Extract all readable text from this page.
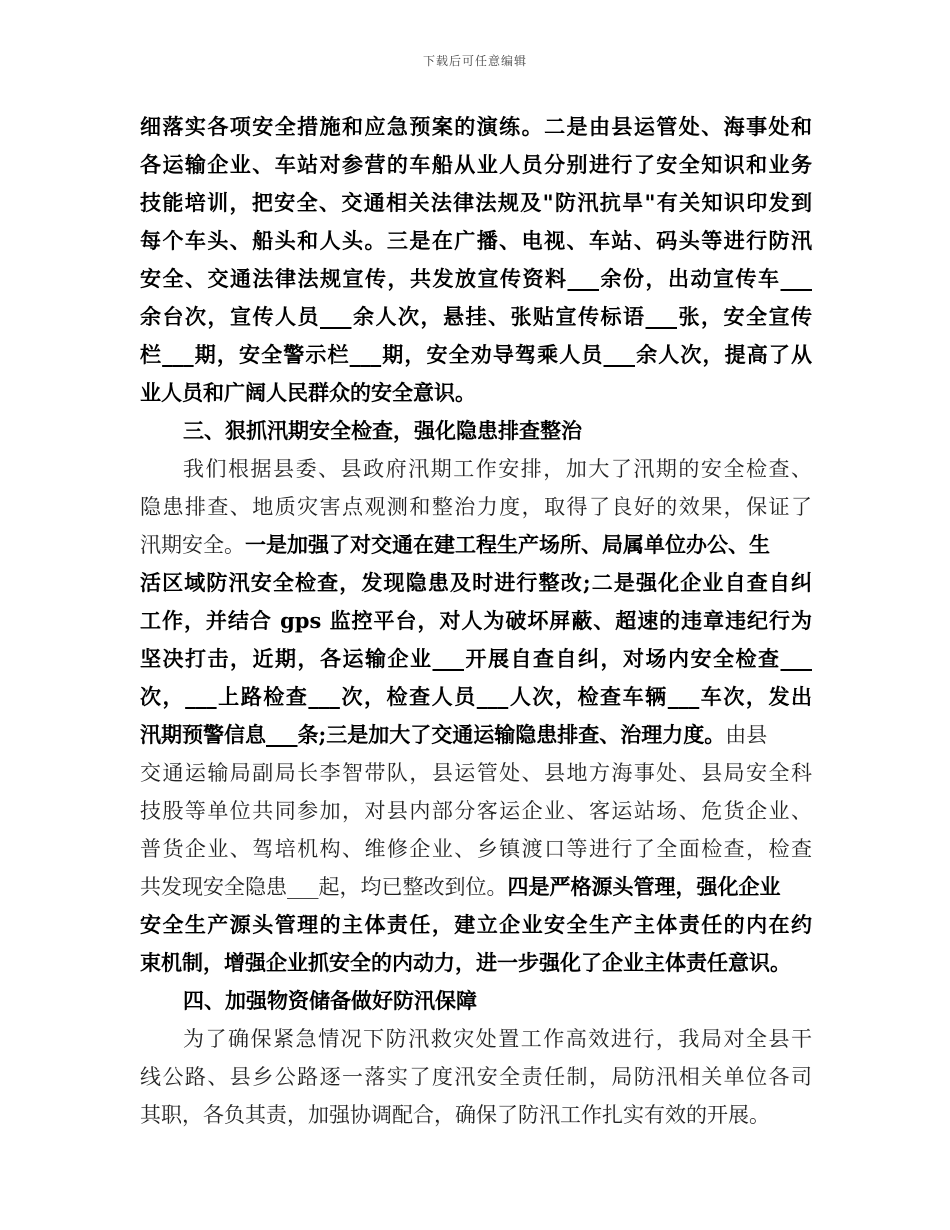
下载后可任意编辑
细落实各项安全措施和应急预案的演练。二是由县运管处、海事处和
各运输企业、车站对参营的车船从业人员分别进行了安全知识和业务
技能培训，把安全、交通相关法律法规及"防汛抗旱"有关知识印发到
每个车头、船头和人头。三是在广播、电视、车站、码头等进行防汛
安全、交通法律法规宣传，共发放宣传资料___余份，出动宣传车___
余台次，宣传人员___余人次，悬挂、张贴宣传标语___张，安全宣传
栏___期，安全警示栏___期，安全劝导驾乘人员___余人次，提高了从
业人员和广阔人民群众的安全意识。
三、狠抓汛期安全检查，强化隐患排查整治
我们根据县委、县政府汛期工作安排，加大了汛期的安全检查、
隐患排查、地质灾害点观测和整治力度，取得了良好的效果，保证了
汛期安全。一是加强了对交通在建工程生产场所、局属单位办公、生
活区域防汛安全检查，发现隐患及时进行整改;二是强化企业自查自纠
工作，并结合 gps 监控平台，对人为破坏屏蔽、超速的违章违纪行为
坚决打击，近期，各运输企业___开展自查自纠，对场内安全检查___
次，___上路检查___次，检查人员___人次，检查车辆___车次，发出
汛期预警信息___条;三是加大了交通运输隐患排查、治理力度。由县
交通运输局副局长李智带队，县运管处、县地方海事处、县局安全科
技股等单位共同参加，对县内部分客运企业、客运站场、危货企业、
普货企业、驾培机构、维修企业、乡镇渡口等进行了全面检查，检查
共发现安全隐患___起，均已整改到位。四是严格源头管理，强化企业
安全生产源头管理的主体责任，建立企业安全生产主体责任的内在约
束机制，增强企业抓安全的内动力，进一步强化了企业主体责任意识。
四、加强物资储备做好防汛保障
为了确保紧急情况下防汛救灾处置工作高效进行，我局对全县干
线公路、县乡公路逐一落实了度汛安全责任制，局防汛相关单位各司
其职，各负其责，加强协调配合，确保了防汛工作扎实有效的开展。
